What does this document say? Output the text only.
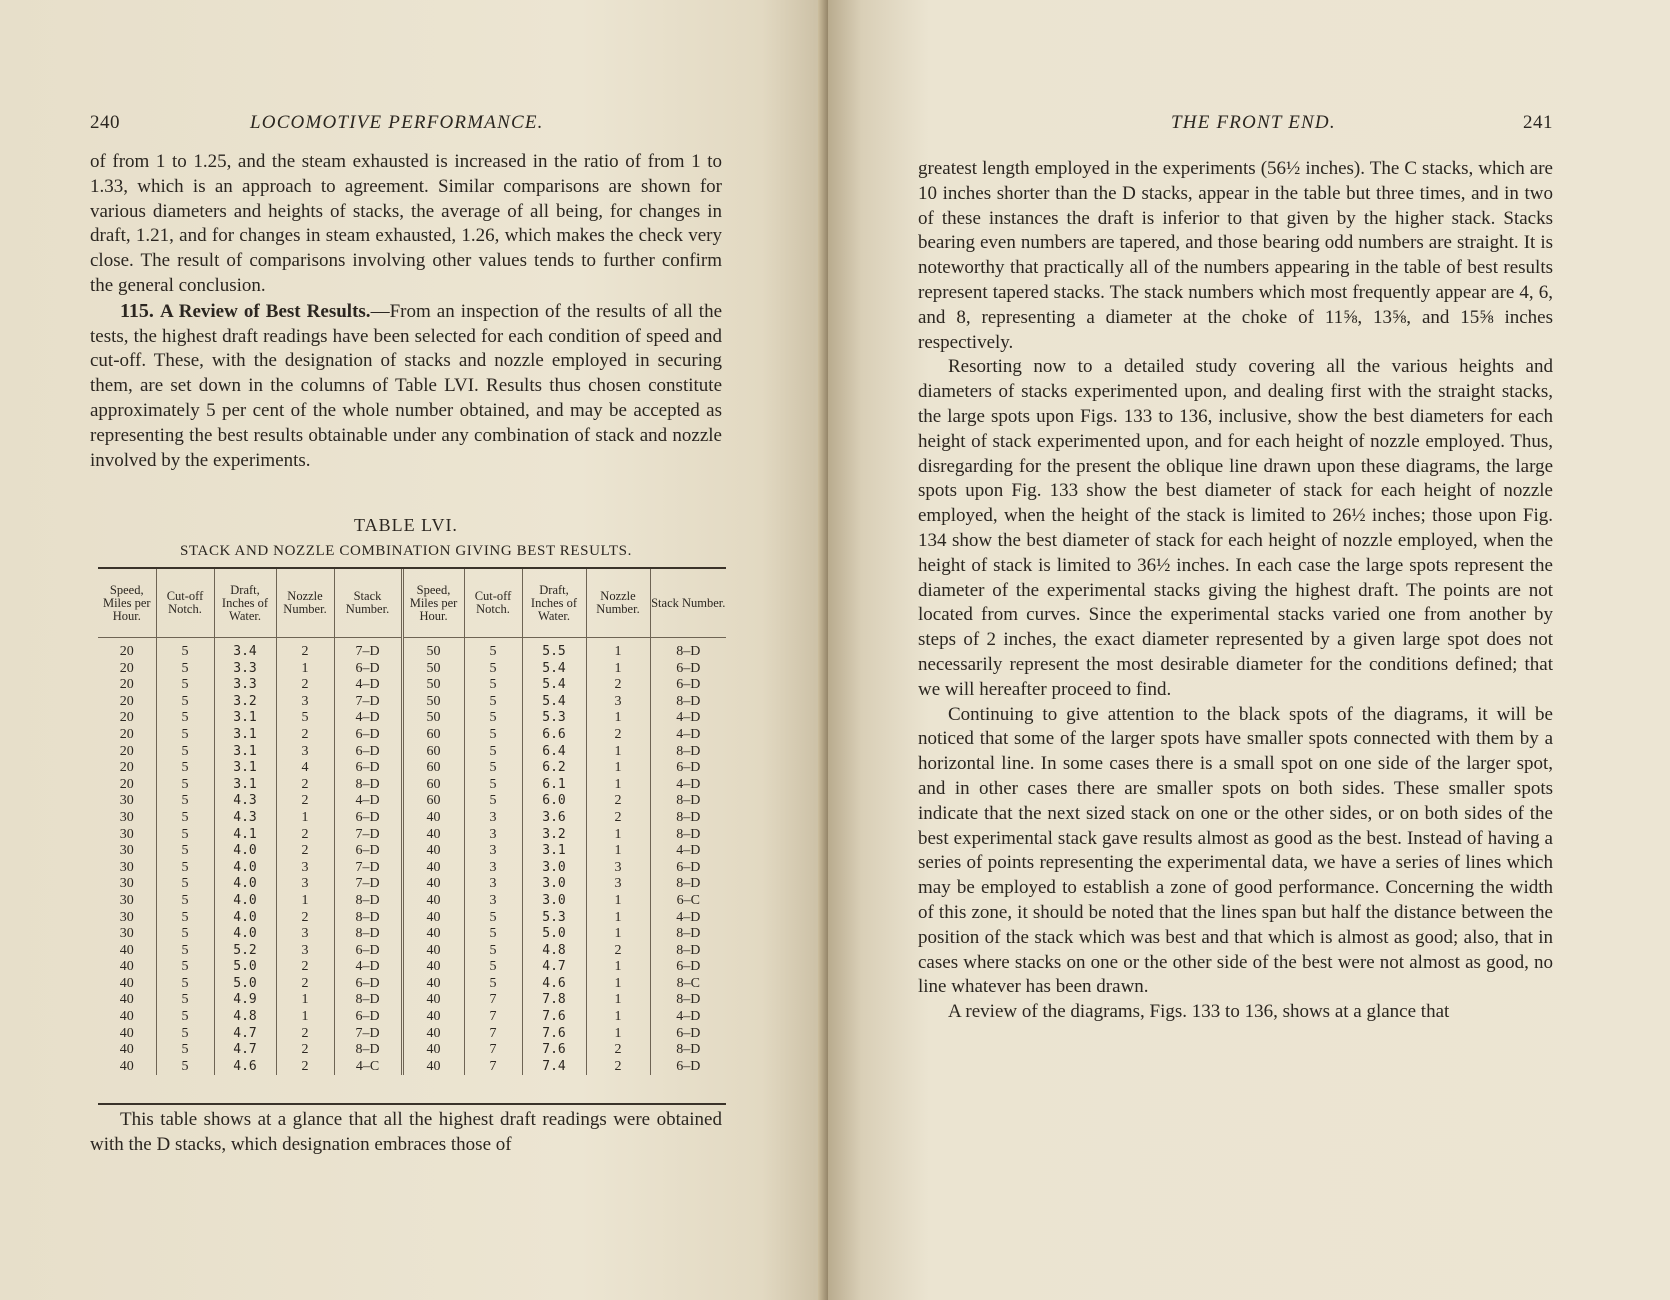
240	LOCOMOTIVE PERFORMANCE.

of from 1 to 1.25, and the steam exhausted is increased in the ratio of from 1 to 1.33, which is an approach to agreement. Similar comparisons are shown for various diameters and heights of stacks, the average of all being, for changes in draft, 1.21, and for changes in steam exhausted, 1.26, which makes the check very close. The result of comparisons involving other values tends to further confirm the general conclusion.

115. A Review of Best Results.—From an inspection of the results of all the tests, the highest draft readings have been selected for each condition of speed and cut-off. These, with the designation of stacks and nozzle employed in securing them, are set down in the columns of Table LVI. Results thus chosen constitute approximately 5 per cent of the whole number obtained, and may be accepted as representing the best results obtainable under any combination of stack and nozzle involved by the experiments.

TABLE LVI.
STACK AND NOZZLE COMBINATION GIVING BEST RESULTS.
Speed, Miles per Hour.	Cut-off Notch.	Draft, Inches of Water.	Nozzle Number.	Stack Number.	Speed, Miles per Hour.	Cut-off Notch.	Draft, Inches of Water.	Nozzle Number.	Stack Number.
20	5	3.4	2	7–D	50	5	5.5	1	8–D
20	5	3.3	1	6–D	50	5	5.4	1	6–D
20	5	3.3	2	4–D	50	5	5.4	2	6–D
20	5	3.2	3	7–D	50	5	5.4	3	8–D
20	5	3.1	5	4–D	50	5	5.3	1	4–D
20	5	3.1	2	6–D	60	5	6.6	2	4–D
20	5	3.1	3	6–D	60	5	6.4	1	8–D
20	5	3.1	4	6–D	60	5	6.2	1	6–D
20	5	3.1	2	8–D	60	5	6.1	1	4–D
30	5	4.3	2	4–D	60	5	6.0	2	8–D
30	5	4.3	1	6–D	40	3	3.6	2	8–D
30	5	4.1	2	7–D	40	3	3.2	1	8–D
30	5	4.0	2	6–D	40	3	3.1	1	4–D
30	5	4.0	3	7–D	40	3	3.0	3	6–D
30	5	4.0	3	7–D	40	3	3.0	3	8–D
30	5	4.0	1	8–D	40	3	3.0	1	6–C
30	5	4.0	2	8–D	40	5	5.3	1	4–D
30	5	4.0	3	8–D	40	5	5.0	1	8–D
40	5	5.2	3	6–D	40	5	4.8	2	8–D
40	5	5.0	2	4–D	40	5	4.7	1	6–D
40	5	5.0	2	6–D	40	5	4.6	1	8–C
40	5	4.9	1	8–D	40	7	7.8	1	8–D
40	5	4.8	1	6–D	40	7	7.6	1	4–D
40	5	4.7	2	7–D	40	7	7.6	1	6–D
40	5	4.7	2	8–D	40	7	7.6	2	8–D
40	5	4.6	2	4–C	40	7	7.4	2	6–D

This table shows at a glance that all the highest draft readings were obtained with the D stacks, which designation embraces those of

THE FRONT END.	241

greatest length employed in the experiments (56½ inches). The C stacks, which are 10 inches shorter than the D stacks, appear in the table but three times, and in two of these instances the draft is inferior to that given by the higher stack. Stacks bearing even numbers are tapered, and those bearing odd numbers are straight. It is noteworthy that practically all of the numbers appearing in the table of best results represent tapered stacks. The stack numbers which most frequently appear are 4, 6, and 8, representing a diameter at the choke of 11⅝, 13⅝, and 15⅝ inches respectively.

Resorting now to a detailed study covering all the various heights and diameters of stacks experimented upon, and dealing first with the straight stacks, the large spots upon Figs. 133 to 136, inclusive, show the best diameters for each height of stack experimented upon, and for each height of nozzle employed. Thus, disregarding for the present the oblique line drawn upon these diagrams, the large spots upon Fig. 133 show the best diameter of stack for each height of nozzle employed, when the height of the stack is limited to 26½ inches; those upon Fig. 134 show the best diameter of stack for each height of nozzle employed, when the height of stack is limited to 36½ inches. In each case the large spots represent the diameter of the experimental stacks giving the highest draft. The points are not located from curves. Since the experimental stacks varied one from another by steps of 2 inches, the exact diameter represented by a given large spot does not necessarily represent the most desirable diameter for the conditions defined; that we will hereafter proceed to find.

Continuing to give attention to the black spots of the diagrams, it will be noticed that some of the larger spots have smaller spots connected with them by a horizontal line. In some cases there is a small spot on one side of the larger spot, and in other cases there are smaller spots on both sides. These smaller spots indicate that the next sized stack on one or the other sides, or on both sides of the best experimental stack gave results almost as good as the best. Instead of having a series of points representing the experimental data, we have a series of lines which may be employed to establish a zone of good performance. Concerning the width of this zone, it should be noted that the lines span but half the distance between the position of the stack which was best and that which is almost as good; also, that in cases where stacks on one or the other side of the best were not almost as good, no line whatever has been drawn.

A review of the diagrams, Figs. 133 to 136, shows at a glance that
